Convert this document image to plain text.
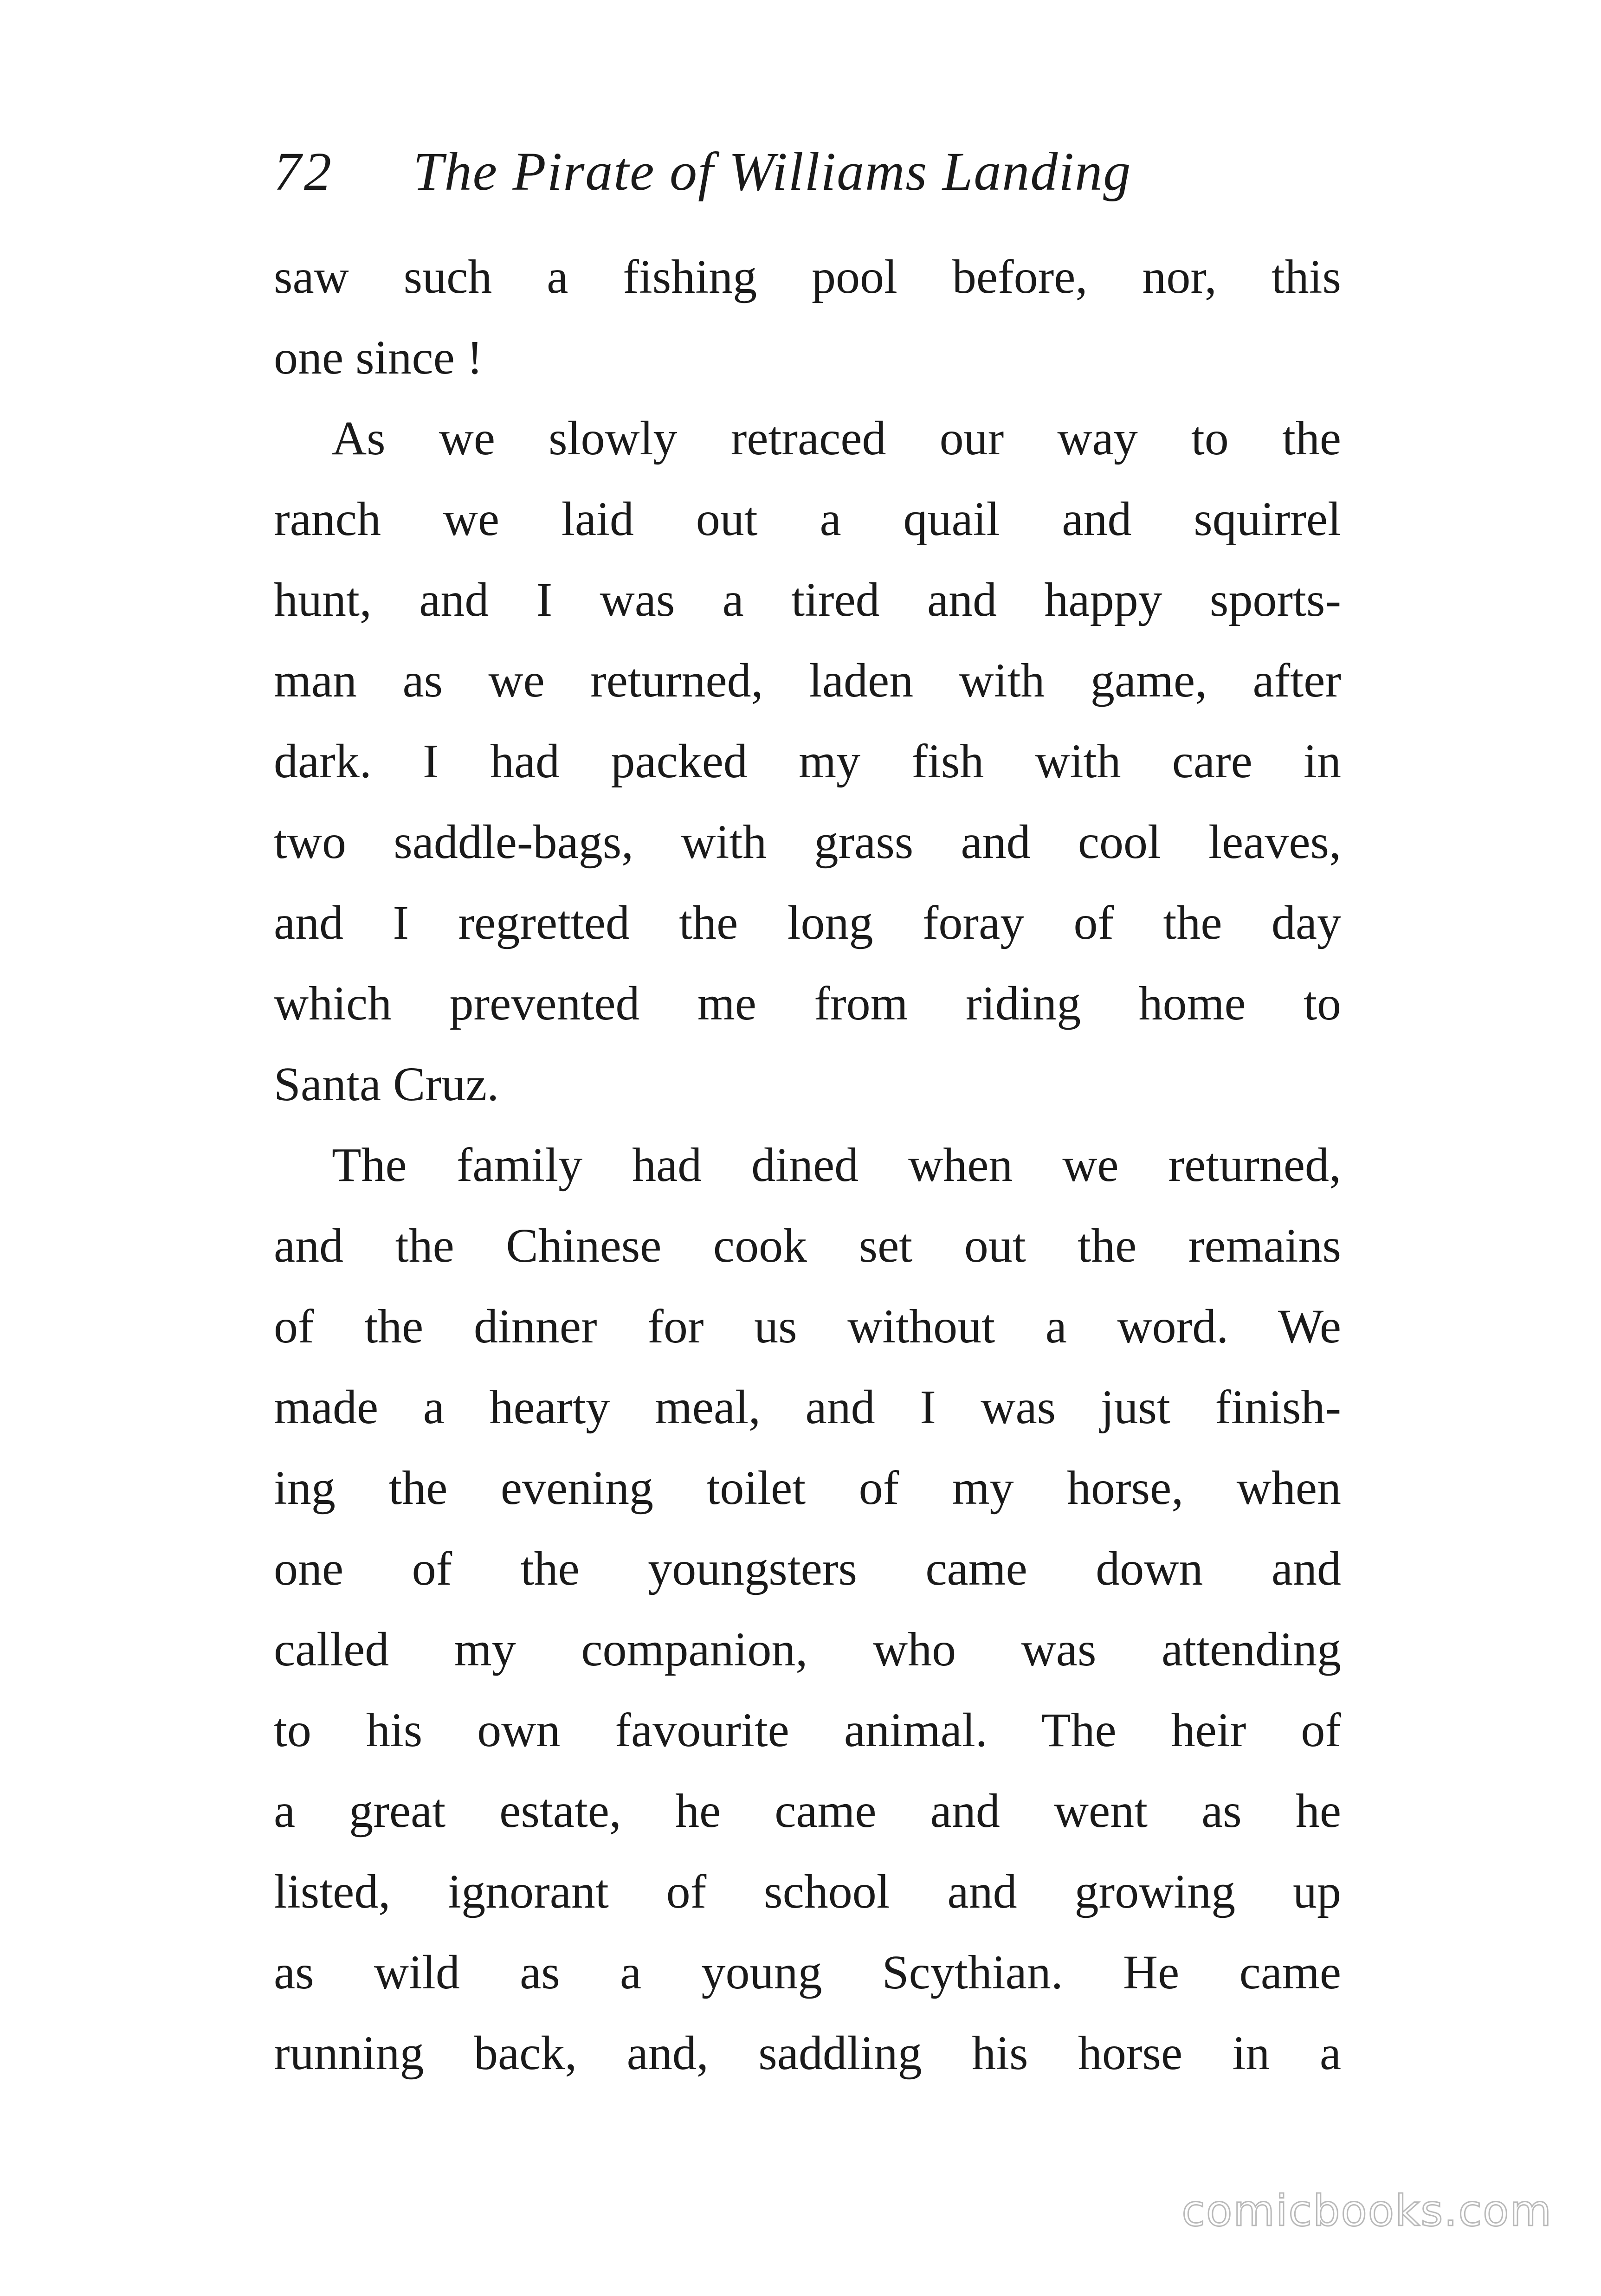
72 The Pirate of Williams Landing
saw such a fishing pool before, nor, this
one since !
As we slowly retraced our way to the
ranch we laid out a quail and squirrel
hunt, and I was a tired and happy sports-
man as we returned, laden with game, after
dark. I had packed my fish with care in
two saddle-bags, with grass and cool leaves,
and I regretted the long foray of the day
which prevented me from riding home to
Santa Cruz.
The family had dined when we returned,
and the Chinese cook set out the remains
of the dinner for us without a word. We
made a hearty meal, and I was just finish-
ing the evening toilet of my horse, when
one of the youngsters came down and
called my companion, who was attending
to his own favourite animal. The heir of
a great estate, he came and went as he
listed, ignorant of school and growing up
as wild as a young Scythian. He came
running back, and, saddling his horse in a
comicbooks.com
